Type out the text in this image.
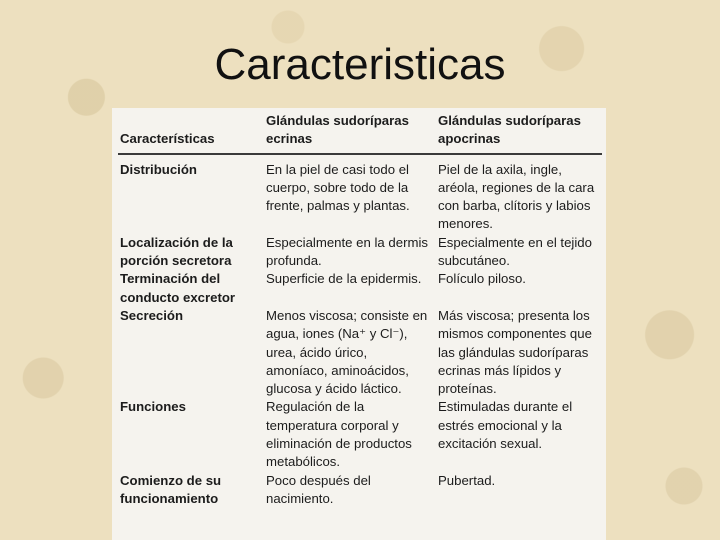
Caracteristicas
Características	Glándulas sudoríparas ecrinas	Glándulas sudoríparas apocrinas
Distribución	En la piel de casi todo el cuerpo, sobre todo de la frente, palmas y plantas.	Piel de la axila, ingle, aréola, regiones de la cara con barba, clítoris y labios menores.
Localización de la porción secretora	Especialmente en la dermis profunda.	Especialmente en el tejido subcutáneo.
Terminación del conducto excretor	Superficie de la epidermis.	Folículo piloso.
Secreción	Menos viscosa; consiste en agua, iones (Na⁺ y Cl⁻), urea, ácido úrico, amoníaco, aminoácidos, glucosa y ácido láctico.	Más viscosa; presenta los mismos componentes que las glándulas sudoríparas ecrinas más lípidos y proteínas.
Funciones	Regulación de la temperatura corporal y eliminación de productos metabólicos.	Estimuladas durante el estrés emocional y la excitación sexual.
Comienzo de su funcionamiento	Poco después del nacimiento.	Pubertad.
